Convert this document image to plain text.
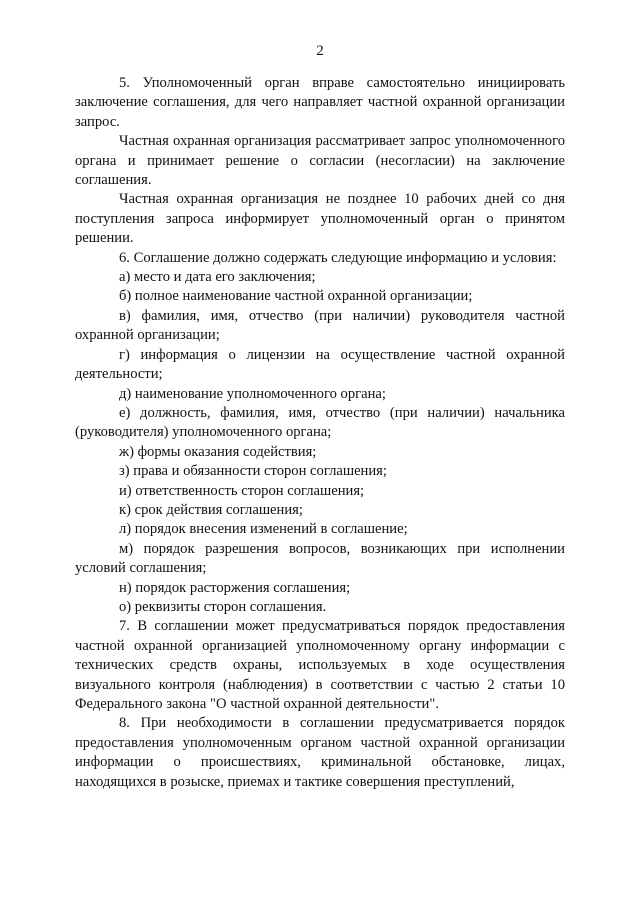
2

5. Уполномоченный орган вправе самостоятельно инициировать заключение соглашения, для чего направляет частной охранной организации запрос.

Частная охранная организация рассматривает запрос уполномоченного органа и принимает решение о согласии (несогласии) на заключение соглашения.

Частная охранная организация не позднее 10 рабочих дней со дня поступления запроса информирует уполномоченный орган о принятом решении.

6. Соглашение должно содержать следующие информацию и условия:

а) место и дата его заключения;

б) полное наименование частной охранной организации;

в) фамилия, имя, отчество (при наличии) руководителя частной охранной организации;

г) информация о лицензии на осуществление частной охранной деятельности;

д) наименование уполномоченного органа;

е) должность, фамилия, имя, отчество (при наличии) начальника (руководителя) уполномоченного органа;

ж) формы оказания содействия;

з) права и обязанности сторон соглашения;

и) ответственность сторон соглашения;

к) срок действия соглашения;

л) порядок внесения изменений в соглашение;

м) порядок разрешения вопросов, возникающих при исполнении условий соглашения;

н) порядок расторжения соглашения;

о) реквизиты сторон соглашения.

7. В соглашении может предусматриваться порядок предоставления частной охранной организацией уполномоченному органу информации с технических средств охраны, используемых в ходе осуществления визуального контроля (наблюдения) в соответствии с частью 2 статьи 10 Федерального закона "О частной охранной деятельности".

8. При необходимости в соглашении предусматривается порядок предоставления уполномоченным органом частной охранной организации информации о происшествиях, криминальной обстановке, лицах, находящихся в розыске, приемах и тактике совершения преступлений,
